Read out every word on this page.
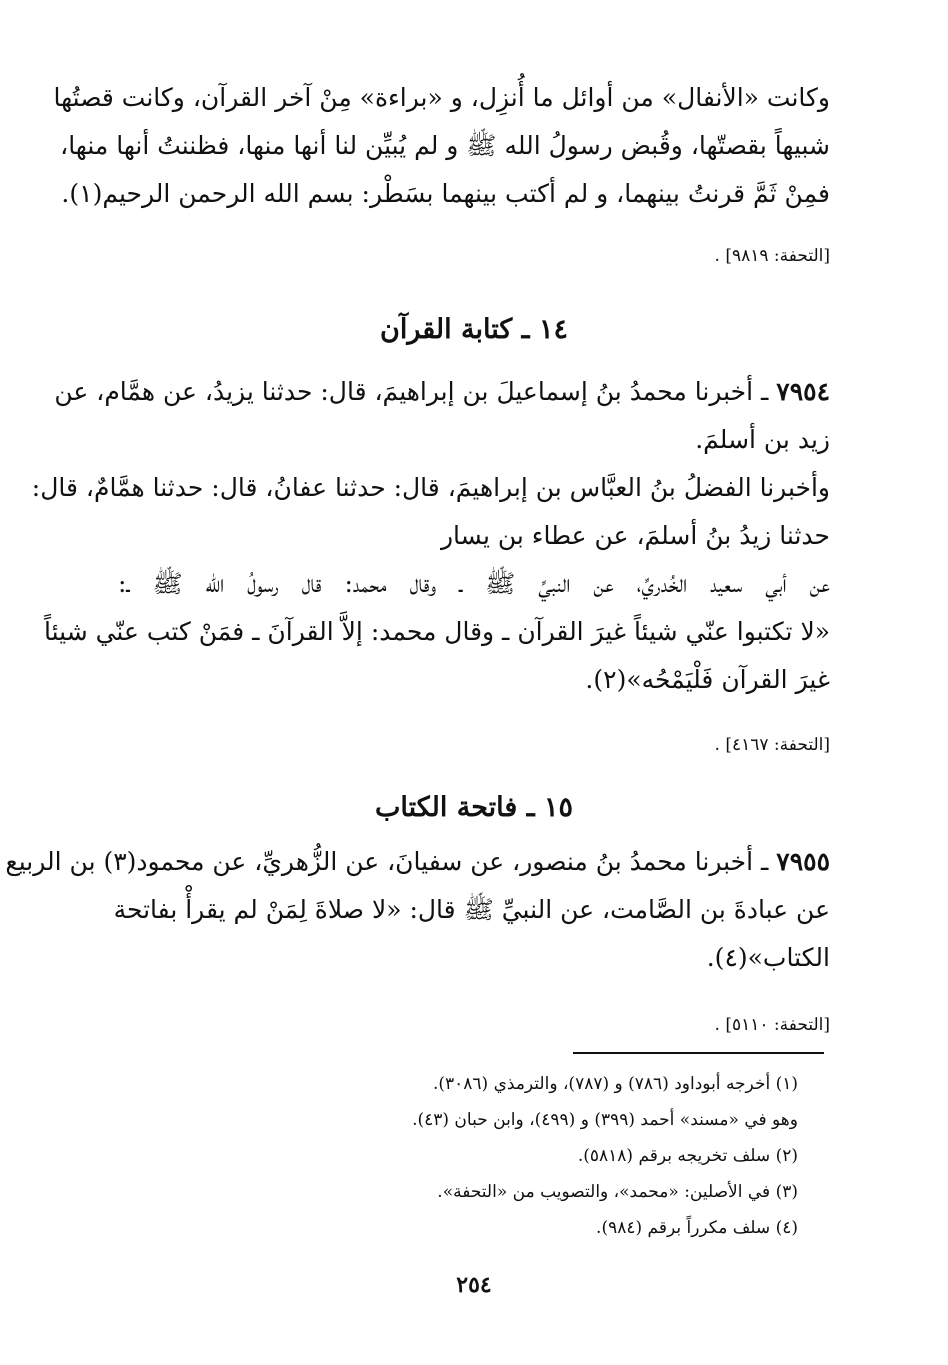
وكانت «الأنفال» من أوائل ما أُنزِل، و «براءة» مِنْ آخر القرآن، وكانت قصتُها
شبيهاً بقصتّها، وقُبض رسولُ الله ﷺ و لم يُبيِّن لنا أنها منها، فظننتُ أنها منها،
فمِنْ ثَمَّ قرنتُ بينهما، و لم أكتب بينهما بسَطْر: بسم الله الرحمن الرحيم(١).
[التحفة: ٩٨١٩] .
١٤ ـ كتابة القرآن
٧٩٥٤ ـ أخبرنا محمدُ بنُ إسماعيلَ بن إبراهيمَ، قال: حدثنا يزيدُ، عن همَّام، عن
زيد بن أسلمَ.
وأخبرنا الفضلُ بنُ العبَّاس بن إبراهيمَ، قال: حدثنا عفانُ، قال: حدثنا همَّامٌ، قال:
حدثنا زيدُ بنُ أسلمَ، عن عطاء بن يسار
عن أبي سعيد الخُدريِّ، عن النبيِّ ﷺ ـ وقال محمد: قال رسولُ الله ﷺ ـ:
«لا تكتبوا عنّي شيئاً غيرَ القرآن ـ وقال محمد: إلاَّ القرآنَ ـ فمَنْ كتب عنّي شيئاً
غيرَ القرآن فَلْيَمْحُه»(٢).
[التحفة: ٤١٦٧] .
١٥ ـ فاتحة الكتاب
٧٩٥٥ ـ أخبرنا محمدُ بنُ منصور، عن سفيانَ، عن الزُّهريِّ، عن محمود(٣) بن الربيع
عن عبادةَ بن الصَّامت، عن النبيِّ ﷺ قال: «لا صلاةَ لِمَنْ لم يقرأْ بفاتحة
الكتاب»(٤).
[التحفة: ٥١١٠] .
(١) أخرجه أبوداود (٧٨٦) و (٧٨٧)، والترمذي (٣٠٨٦).
وهو في «مسند» أحمد (٣٩٩) و (٤٩٩)، وابن حبان (٤٣).
(٢) سلف تخريجه برقم (٥٨١٨).
(٣) في الأصلين: «محمد»، والتصويب من «التحفة».
(٤) سلف مكرراً برقم (٩٨٤).
٢٥٤
